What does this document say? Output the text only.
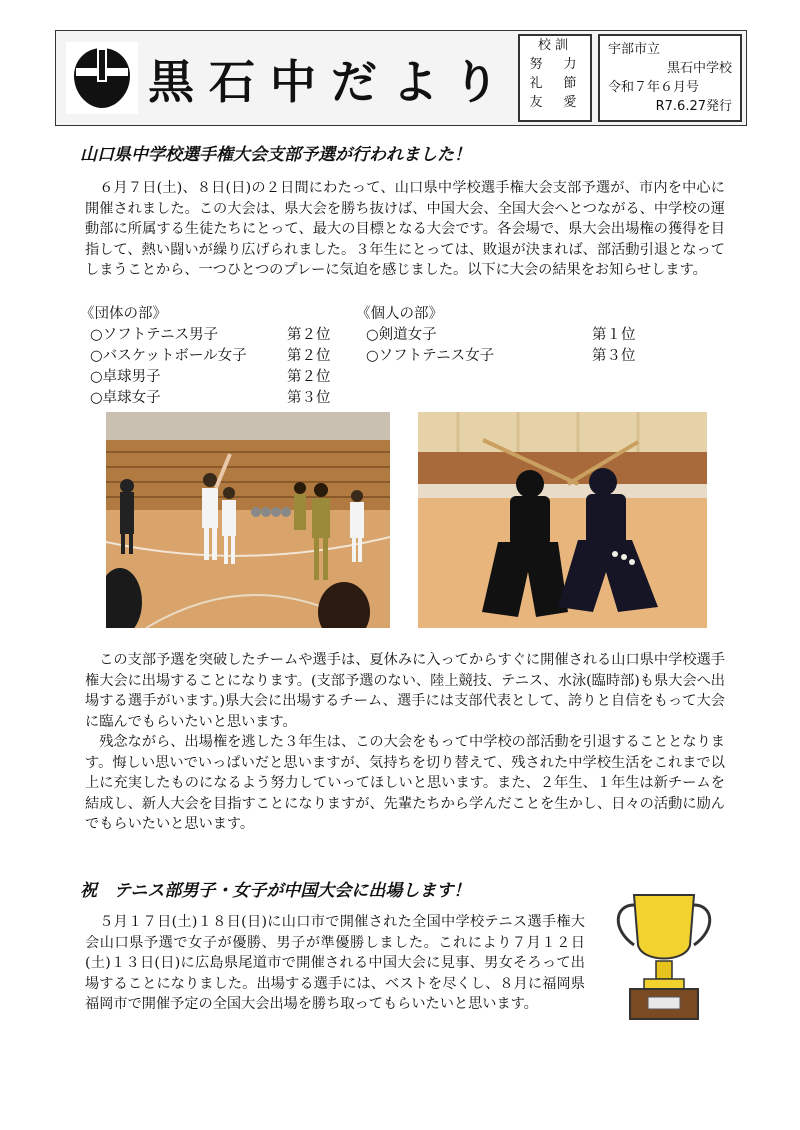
黒石中だより
校訓
努　力
礼　節
友　愛
宇部市立
黒石中学校
令和７年６月号
R7.6.27発行
山口県中学校選手権大会支部予選が行われました！
６月７日(土)、８日(日)の２日間にわたって、山口県中学校選手権大会支部予選が、市内を中心に開催されました。この大会は、県大会を勝ち抜けば、中国大会、全国大会へとつながる、中学校の運動部に所属する生徒たちにとって、最大の目標となる大会です。各会場で、県大会出場権の獲得を目指して、熱い闘いが繰り広げられました。３年生にとっては、敗退が決まれば、部活動引退となってしまうことから、一つひとつのプレーに気迫を感じました。以下に大会の結果をお知らせします。
《団体の部》
○ソフトテニス男子	第２位
○バスケットボール女子	第２位
○卓球男子	第２位
○卓球女子	第３位
《個人の部》
○剣道女子	第１位
○ソフトテニス女子	第３位

この支部予選を突破したチームや選手は、夏休みに入ってからすぐに開催される山口県中学校選手権大会に出場することになります。(支部予選のない、陸上競技、テニス、水泳(臨時部)も県大会へ出場する選手がいます。)県大会に出場するチーム、選手には支部代表として、誇りと自信をもって大会に臨んでもらいたいと思います。

残念ながら、出場権を逃した３年生は、この大会をもって中学校の部活動を引退することとなります。悔しい思いでいっぱいだと思いますが、気持ちを切り替えて、残された中学校生活をこれまで以上に充実したものになるよう努力していってほしいと思います。また、２年生、１年生は新チームを結成し、新人大会を目指すことになりますが、先輩たちから学んだことを生かし、日々の活動に励んでもらいたいと思います。

祝　テニス部男子・女子が中国大会に出場します！

５月１７日(土)１８日(日)に山口市で開催された全国中学校テニス選手権大会山口県予選で女子が優勝、男子が準優勝しました。これにより７月１２日(土)１３日(日)に広島県尾道市で開催される中国大会に見事、男女そろって出場することになりました。出場する選手には、ベストを尽くし、８月に福岡県福岡市で開催予定の全国大会出場を勝ち取ってもらいたいと思います。
